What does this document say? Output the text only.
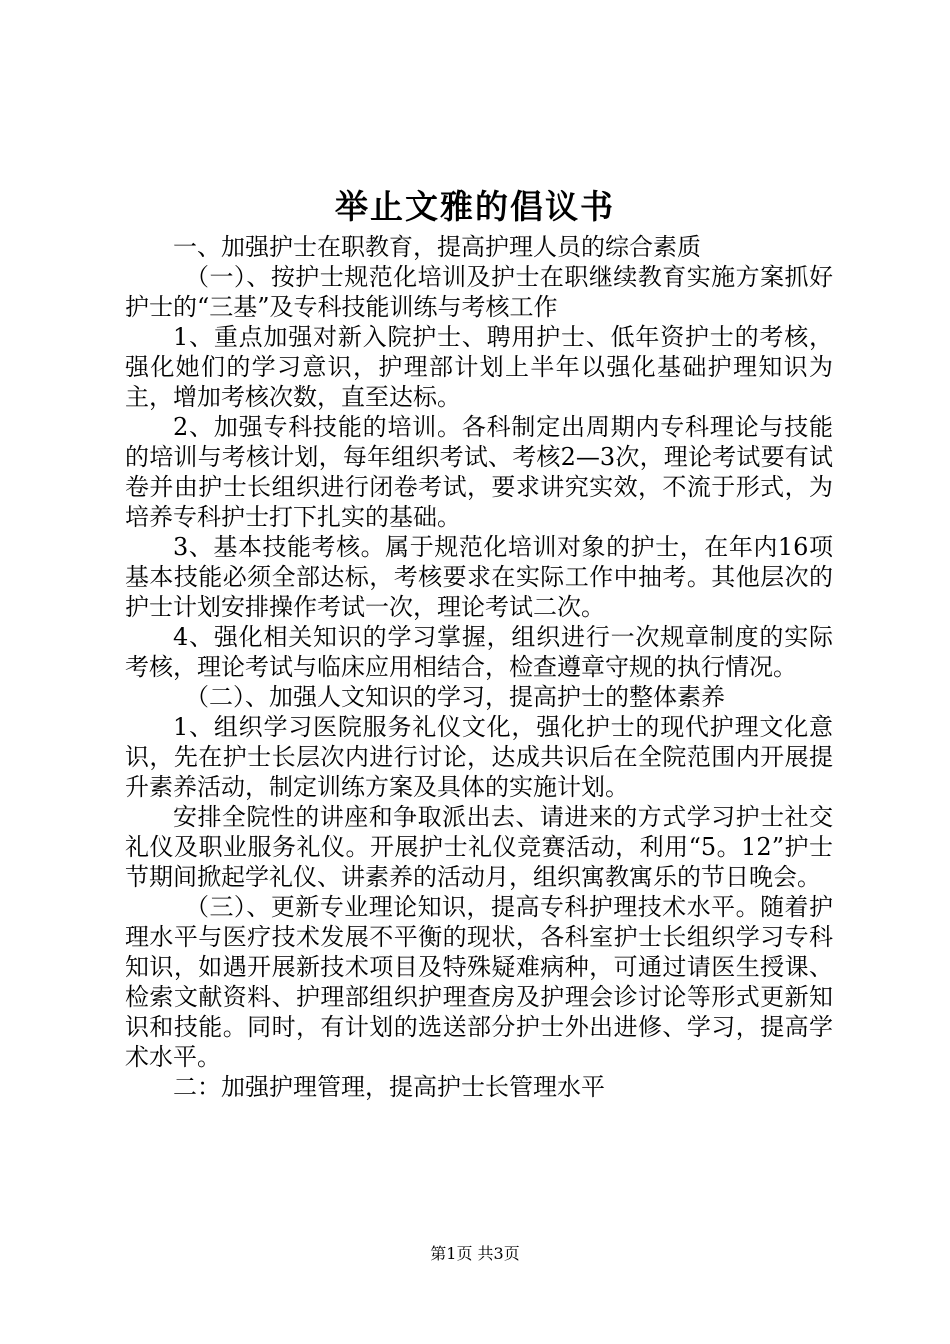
举止文雅的倡议书

一、加强护士在职教育，提高护理人员的综合素质

（一）、按护士规范化培训及护士在职继续教育实施方案抓好护士的“三基”及专科技能训练与考核工作

1、重点加强对新入院护士、聘用护士、低年资护士的考核，强化她们的学习意识，护理部计划上半年以强化基础护理知识为主，增加考核次数，直至达标。

2、加强专科技能的培训。各科制定出周期内专科理论与技能的培训与考核计划，每年组织考试、考核2—3次，理论考试要有试卷并由护士长组织进行闭卷考试，要求讲究实效，不流于形式，为培养专科护士打下扎实的基础。

3、基本技能考核。属于规范化培训对象的护士，在年内16项基本技能必须全部达标，考核要求在实际工作中抽考。其他层次的护士计划安排操作考试一次，理论考试二次。

4、强化相关知识的学习掌握，组织进行一次规章制度的实际考核，理论考试与临床应用相结合，检查遵章守规的执行情况。

（二）、加强人文知识的学习，提高护士的整体素养

1、组织学习医院服务礼仪文化，强化护士的现代护理文化意识，先在护士长层次内进行讨论，达成共识后在全院范围内开展提升素养活动，制定训练方案及具体的实施计划。

安排全院性的讲座和争取派出去、请进来的方式学习护士社交礼仪及职业服务礼仪。开展护士礼仪竞赛活动，利用“5。12”护士节期间掀起学礼仪、讲素养的活动月，组织寓教寓乐的节日晚会。

（三）、更新专业理论知识，提高专科护理技术水平。随着护理水平与医疗技术发展不平衡的现状，各科室护士长组织学习专科知识，如遇开展新技术项目及特殊疑难病种，可通过请医生授课、检索文献资料、护理部组织护理查房及护理会诊讨论等形式更新知识和技能。同时，有计划的选送部分护士外出进修、学习，提高学术水平。

二：加强护理管理，提高护士长管理水平

第1页 共3页
